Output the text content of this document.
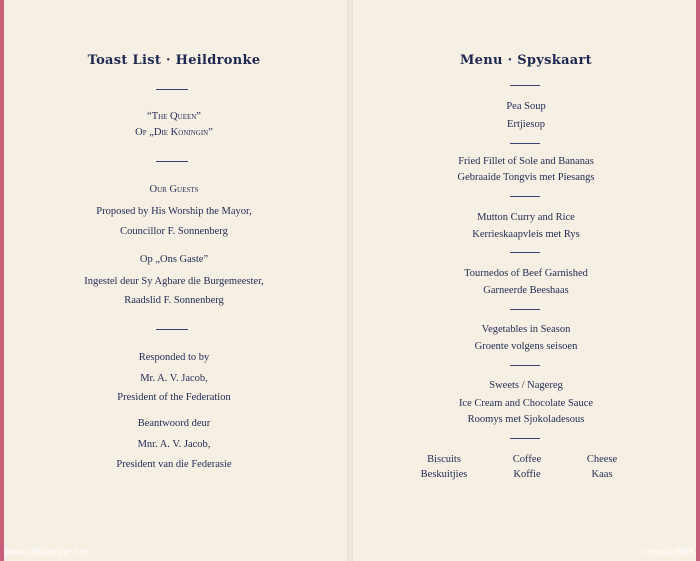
Toast List · Heildronke
“The Queen”
Op „Die Koningin”
Our Guests
Proposed by His Worship the Mayor,
Councillor F. Sonnenberg
Op „Ons Gaste”
Ingestel deur Sy Agbare die Burgemeester,
Raadslid F. Sonnenberg
Responded to by
Mr. A. V. Jacob,
President of the Federation
Beantwoord deur
Mnr. A. V. Jacob,
President van die Federasie
Menu · Spyskaart
Pea Soup
Ertjiesop
Fried Fillet of Sole and Bananas
Gebraaide Tongvis met Piesangs
Mutton Curry and Rice
Kerrieskaapvleis met Rys
Tournedos of Beef Garnished
Garneerde Beeshaas
Vegetables in Season
Groente volgens seisoen
Sweets / Nagereg
Ice Cream and Chocolate Sauce
Roomys met Sjokoladesous
Biscuits
Beskuitjies
Coffee
Koffie
Cheese
Kaas
www.delcampe.net	romulux888
